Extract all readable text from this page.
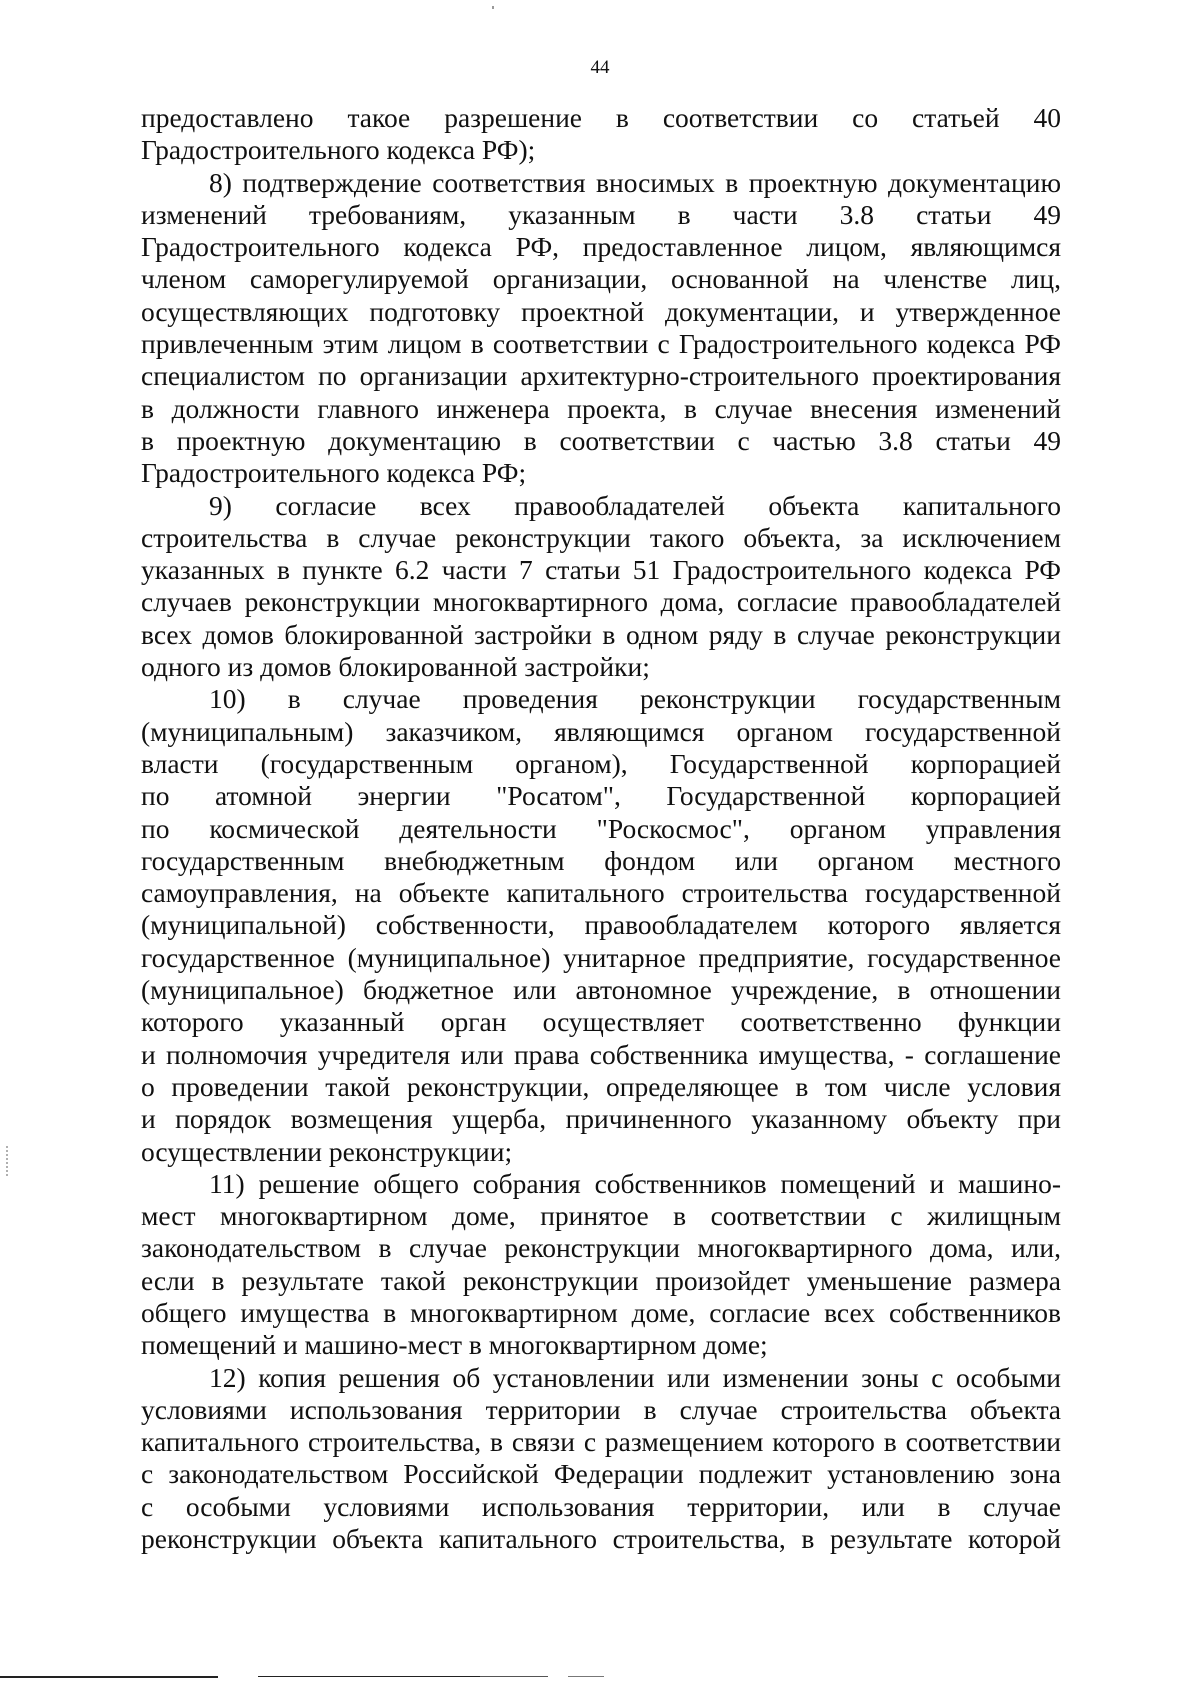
44
предоставлено такое разрешение в соответствии со статьей 40
Градостроительного кодекса РФ);
8) подтверждение соответствия вносимых в проектную документацию
изменений требованиям, указанным в части 3.8 статьи 49
Градостроительного кодекса РФ, предоставленное лицом, являющимся
членом саморегулируемой организации, основанной на членстве лиц,
осуществляющих подготовку проектной документации, и утвержденное
привлеченным этим лицом в соответствии с Градостроительного кодекса РФ
специалистом по организации архитектурно-строительного проектирования
в должности главного инженера проекта, в случае внесения изменений
в проектную документацию в соответствии с частью 3.8 статьи 49
Градостроительного кодекса РФ;
9) согласие всех правообладателей объекта капитального
строительства в случае реконструкции такого объекта, за исключением
указанных в пункте 6.2 части 7 статьи 51 Градостроительного кодекса РФ
случаев реконструкции многоквартирного дома, согласие правообладателей
всех домов блокированной застройки в одном ряду в случае реконструкции
одного из домов блокированной застройки;
10) в случае проведения реконструкции государственным
(муниципальным) заказчиком, являющимся органом государственной
власти (государственным органом), Государственной корпорацией
по атомной энергии "Росатом", Государственной корпорацией
по космической деятельности "Роскосмос", органом управления
государственным внебюджетным фондом или органом местного
самоуправления, на объекте капитального строительства государственной
(муниципальной) собственности, правообладателем которого является
государственное (муниципальное) унитарное предприятие, государственное
(муниципальное) бюджетное или автономное учреждение, в отношении
которого указанный орган осуществляет соответственно функции
и полномочия учредителя или права собственника имущества, - соглашение
о проведении такой реконструкции, определяющее в том числе условия
и порядок возмещения ущерба, причиненного указанному объекту при
осуществлении реконструкции;
11) решение общего собрания собственников помещений и машино-
мест многоквартирном доме, принятое в соответствии с жилищным
законодательством в случае реконструкции многоквартирного дома, или,
если в результате такой реконструкции произойдет уменьшение размера
общего имущества в многоквартирном доме, согласие всех собственников
помещений и машино-мест в многоквартирном доме;
12) копия решения об установлении или изменении зоны с особыми
условиями использования территории в случае строительства объекта
капитального строительства, в связи с размещением которого в соответствии
с законодательством Российской Федерации подлежит установлению зона
с особыми условиями использования территории, или в случае
реконструкции объекта капитального строительства, в результате которой
